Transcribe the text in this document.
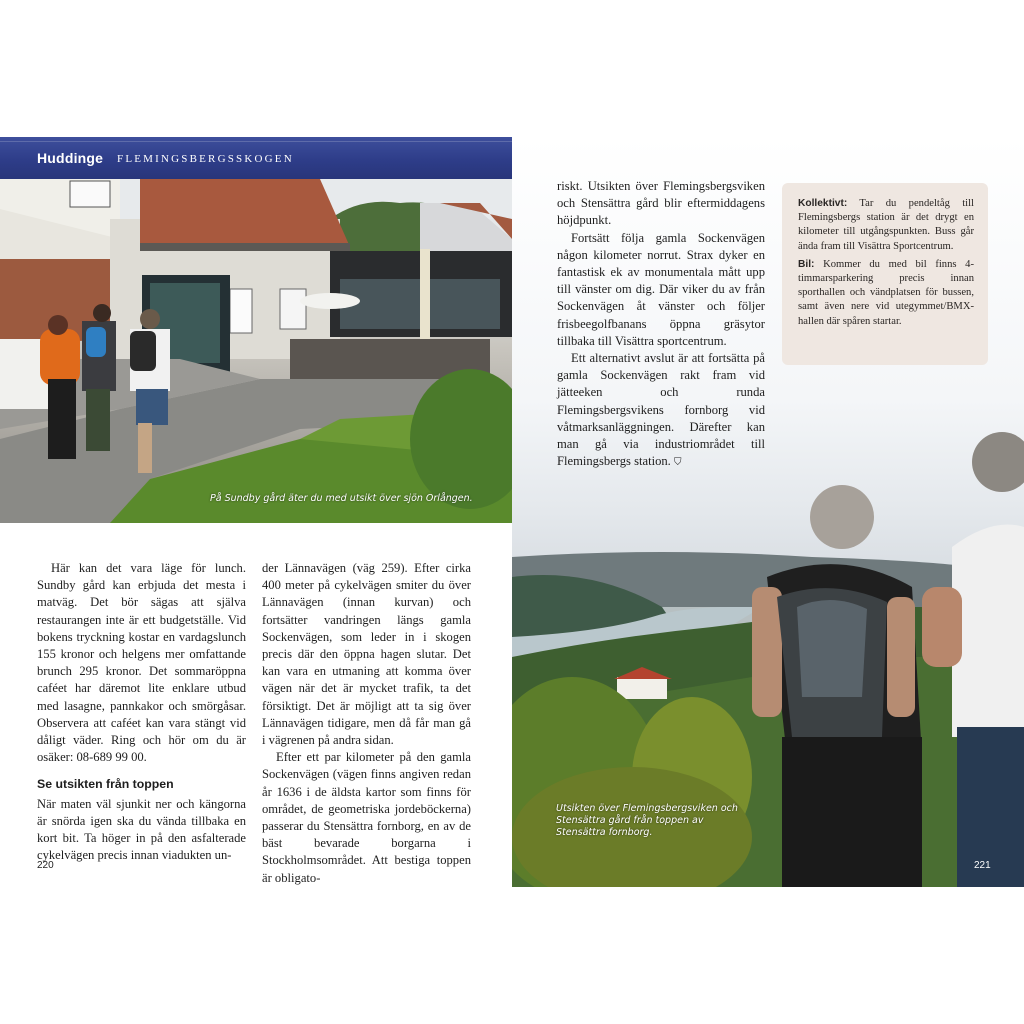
Huddinge FLEMINGSBERGSSKOGEN
På Sundby gård äter du med utsikt över sjön Orlången.

Här kan det vara läge för lunch. Sundby gård kan erbjuda det mesta i matväg. Det bör sägas att själva restaurangen inte är ett budgetställe. Vid bokens tryckning kostar en vardagslunch 155 kronor och helgens mer omfattande brunch 295 kronor. Det sommaröppna caféet har däremot lite enklare utbud med lasagne, pannkakor och smörgåsar. Observera att caféet kan vara stängt vid dåligt väder. Ring och hör om du är osäker: 08-689 99 00.

Se utsikten från toppen

När maten väl sjunkit ner och kängorna är snörda igen ska du vända tillbaka en kort bit. Ta höger in på den asfalterade cykelvägen precis innan viadukten un-

der Lännavägen (väg 259). Efter cirka 400 meter på cykelvägen smiter du över Lännavägen (innan kurvan) och fortsätter vandringen längs gamla Sockenvägen, som leder in i skogen precis där den öppna hagen slutar. Det kan vara en utmaning att komma över vägen när det är mycket trafik, ta det försiktigt. Det är möjligt att ta sig över Lännavägen tidigare, men då får man gå i vägrenen på andra sidan.

Efter ett par kilometer på den gamla Sockenvägen (vägen finns angiven redan år 1636 i de äldsta kartor som finns för området, de geometriska jordeböckerna) passerar du Stensättra fornborg, en av de bäst bevarade borgarna i Stockholmsområdet. Att bestiga toppen är obligato-

220
Utsikten över Flemingsbergsviken och Stensättra gård från toppen av Stensättra fornborg.
221

riskt. Utsikten över Flemingsbergsviken och Stensättra gård blir eftermiddagens höjdpunkt.

Fortsätt följa gamla Sockenvägen någon kilometer norrut. Strax dyker en fantastisk ek av monumentala mått upp till vänster om dig. Där viker du av från Sockenvägen åt vänster och följer frisbeegolfbanans öppna gräsytor tillbaka till Visättra sportcentrum.

Ett alternativt avslut är att fortsätta på gamla Sockenvägen rakt fram vid jätteeken och runda Flemingsbergsvikens fornborg vid våtmarksanläggningen. Därefter kan man gå via industriområdet till Flemingsbergs station. ⛉

Kollektivt: Tar du pendeltåg till Flemingsbergs station är det drygt en kilometer till utgångspunkten. Buss går ända fram till Visättra Sportcentrum.

Bil: Kommer du med bil finns 4-timmarsparkering precis innan sporthallen och vändplatsen för bussen, samt även nere vid utegymmet/BMX-hallen där spåren startar.
